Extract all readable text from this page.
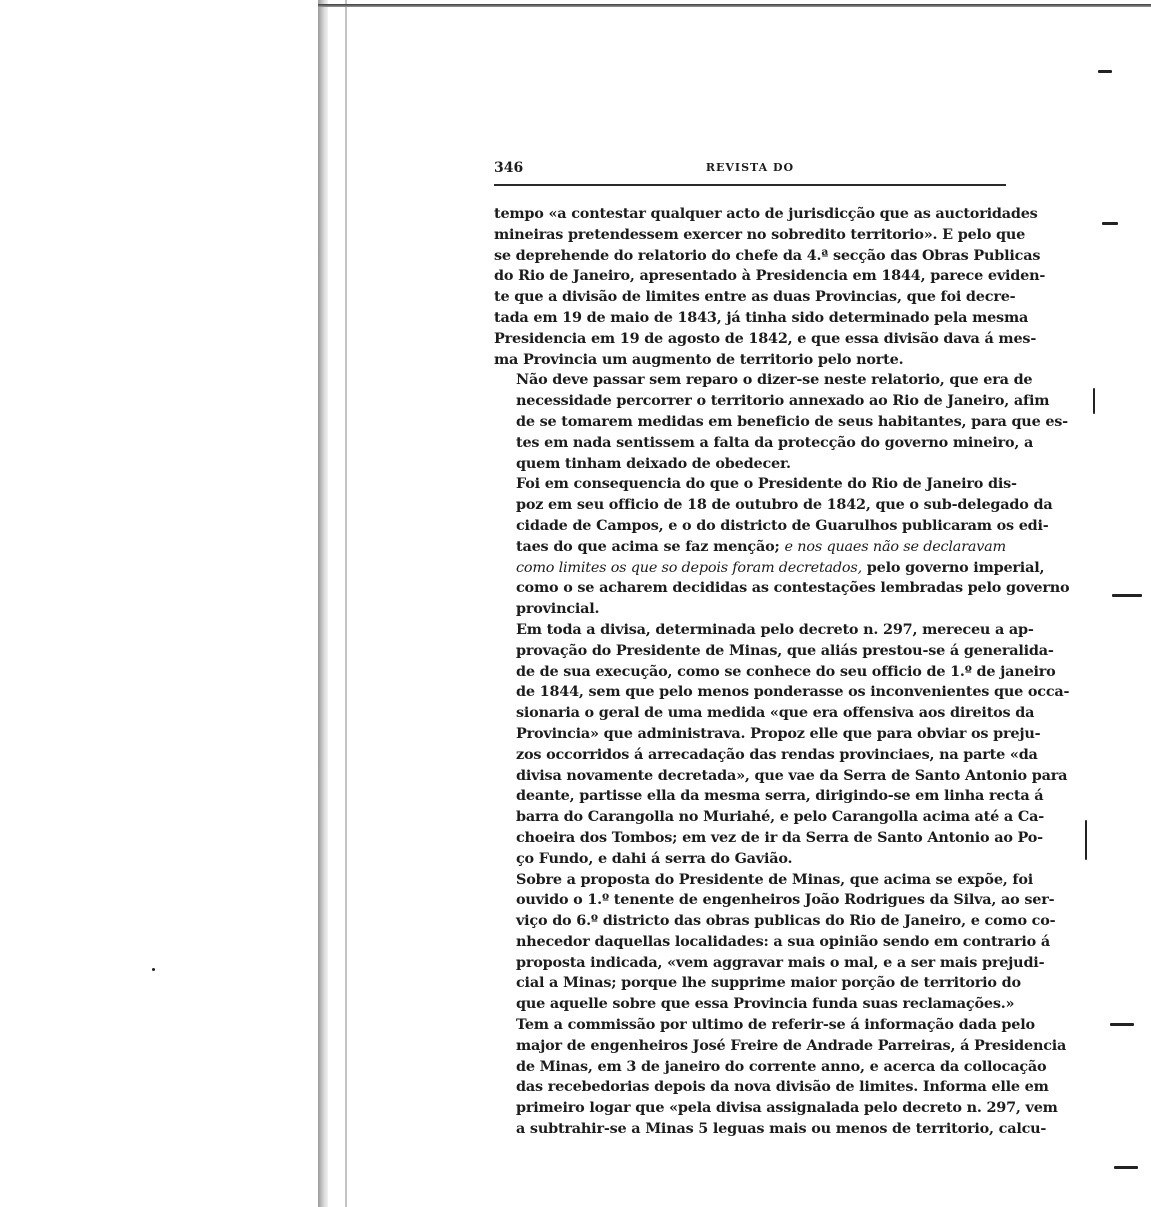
346	REVISTA DO

tempo «a contestar qualquer acto de jurisdicção que as auctoridades
mineiras pretendessem exercer no sobredito territorio». E pelo que
se deprehende do relatorio do chefe da 4.ª secção das Obras Publicas
do Rio de Janeiro, apresentado à Presidencia em 1844, parece eviden-
te que a divisão de limites entre as duas Provincias, que foi decre-
tada em 19 de maio de 1843, já tinha sido determinado pela mesma
Presidencia em 19 de agosto de 1842, e que essa divisão dava á mes-
ma Provincia um augmento de territorio pelo norte.

Não deve passar sem reparo o dizer-se neste relatorio, que era de
necessidade percorrer o territorio annexado ao Rio de Janeiro, afim
de se tomarem medidas em beneficio de seus habitantes, para que es-
tes em nada sentissem a falta da protecção do governo mineiro, a
quem tinham deixado de obedecer.

Foi em consequencia do que o Presidente do Rio de Janeiro dis-
poz em seu officio de 18 de outubro de 1842, que o sub-delegado da
cidade de Campos, e o do districto de Guarulhos publicaram os edi-
taes do que acima se faz menção; e nos quaes não se declaravam
como limites os que so depois foram decretados, pelo governo imperial,
como o se acharem decididas as contestações lembradas pelo governo
provincial.

Em toda a divisa, determinada pelo decreto n. 297, mereceu a ap-
provação do Presidente de Minas, que aliás prestou-se á generalida-
de de sua execução, como se conhece do seu officio de 1.º de janeiro
de 1844, sem que pelo menos ponderasse os inconvenientes que occa-
sionaria o geral de uma medida «que era offensiva aos direitos da
Provincia» que administrava. Propoz elle que para obviar os preju-
zos occorridos á arrecadação das rendas provinciaes, na parte «da
divisa novamente decretada», que vae da Serra de Santo Antonio para
deante, partisse ella da mesma serra, dirigindo-se em linha recta á
barra do Carangolla no Muriahé, e pelo Carangolla acima até a Ca-
choeira dos Tombos; em vez de ir da Serra de Santo Antonio ao Po-
ço Fundo, e dahi á serra do Gavião.

Sobre a proposta do Presidente de Minas, que acima se expõe, foi
ouvido o 1.º tenente de engenheiros João Rodrigues da Silva, ao ser-
viço do 6.º districto das obras publicas do Rio de Janeiro, e como co-
nhecedor daquellas localidades: a sua opinião sendo em contrario á
proposta indicada, «vem aggravar mais o mal, e a ser mais prejudi-
cial a Minas; porque lhe supprime maior porção de territorio do
que aquelle sobre que essa Provincia funda suas reclamações.»

Tem a commissão por ultimo de referir-se á informação dada pelo
major de engenheiros José Freire de Andrade Parreiras, á Presidencia
de Minas, em 3 de janeiro do corrente anno, e acerca da collocação
das recebedorias depois da nova divisão de limites. Informa elle em
primeiro logar que «pela divisa assignalada pelo decreto n. 297, vem
a subtrahir-se a Minas 5 leguas mais ou menos de territorio, calcu-
